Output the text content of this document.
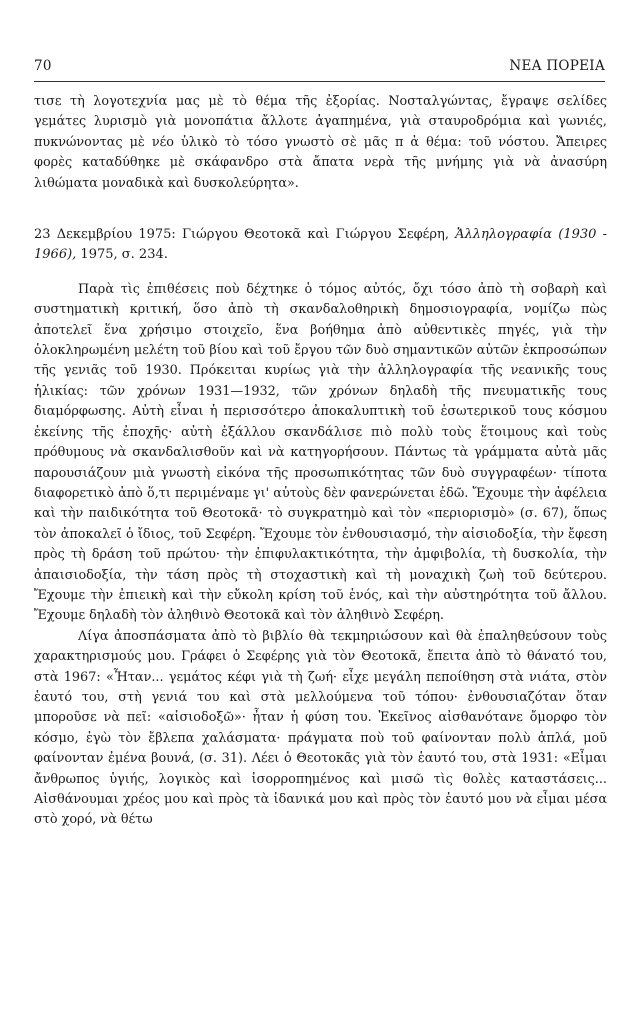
70	ΝΕΑ ΠΟΡΕΙΑ

τισε τὴ λογοτεχνία μας μὲ τὸ θέμα τῆς ἐξορίας. Νοσταλγώντας, ἔγραψε σελίδες γεμάτες λυρισμὸ γιὰ μονοπάτια ἄλλοτε ἀγαπημένα, γιὰ σταυροδρόμια καὶ γωνιές, πυκνώνοντας μὲ νέο ὑλικὸ τὸ τόσο γνωστὸ σὲ μᾶς π ἀ θέμα: τοῦ νόστου. Ἄπειρες φορὲς καταδύθηκε μὲ σκάφανδρο στὰ ἄπατα νερὰ τῆς μνήμης γιὰ νὰ ἀνασύρη λιθώματα μοναδικὰ καὶ δυσκολεύρητα».

23 Δεκεμβρίου 1975: Γιώργου Θεοτοκᾶ καὶ Γιώργου Σεφέρη, Ἀλληλογραφία (1930 - 1966), 1975, σ. 234.

Παρὰ τὶς ἐπιθέσεις ποὺ δέχτηκε ὁ τόμος αὐτός, ὄχι τόσο ἀπὸ τὴ σοβαρὴ καὶ συστηματικὴ κριτική, ὅσο ἀπὸ τὴ σκανδαλοθηρικὴ δημοσιογραφία, νομίζω πὼς ἀποτελεῖ ἕνα χρήσιμο στοιχεῖο, ἕνα βοήθημα ἀπὸ αὐθεντικὲς πηγές, γιὰ τὴν ὁλοκληρωμένη μελέτη τοῦ βίου καὶ τοῦ ἔργου τῶν δυὸ σημαντικῶν αὐτῶν ἐκπροσώπων τῆς γενιᾶς τοῦ 1930. Πρόκειται κυρίως γιὰ τὴν ἀλληλογραφία τῆς νεανικῆς τους ἡλικίας: τῶν χρόνων 1931—1932, τῶν χρόνων δηλαδὴ τῆς πνευματικῆς τους διαμόρφωσης. Αὐτὴ εἶναι ἡ περισσότερο ἀποκαλυπτικὴ τοῦ ἐσωτερικοῦ τους κόσμου ἐκείνης τῆς ἐποχῆς· αὐτὴ ἐξάλλου σκανδάλισε πιὸ πολὺ τοὺς ἕτοιμους καὶ τοὺς πρόθυμους νὰ σκανδαλισθοῦν καὶ νὰ κατηγορήσουν. Πάντως τὰ γράμματα αὐτὰ μᾶς παρουσιάζουν μιὰ γνωστὴ εἰκόνα τῆς προσωπικότητας τῶν δυὸ συγγραφέων· τίποτα διαφορετικὸ ἀπὸ ὅ,τι περιμέναμε γι' αὐτοὺς δὲν φανερώνεται ἐδῶ. Ἔχουμε τὴν ἀφέλεια καὶ τὴν παιδικότητα τοῦ Θεοτοκᾶ· τὸ συγκρατημὸ καὶ τὸν «περιορισμὸ» (σ. 67), ὅπως τὸν ἀποκαλεῖ ὁ ἴδιος, τοῦ Σεφέρη. Ἔχουμε τὸν ἐνθουσιασμό, τὴν αἰσιοδοξία, τὴν ἔφεση πρὸς τὴ δράση τοῦ πρώτου· τὴν ἐπιφυλακτικότητα, τὴν ἀμφιβολία, τὴ δυσκολία, τὴν ἀπαισιοδοξία, τὴν τάση πρὸς τὴ στοχαστικὴ καὶ τὴ μοναχικὴ ζωὴ τοῦ δεύτερου. Ἔχουμε τὴν ἐπιεικὴ καὶ τὴν εὔκολη κρίση τοῦ ἑνός, καὶ τὴν αὐστηρότητα τοῦ ἄλλου. Ἔχουμε δηλαδὴ τὸν ἀληθινὸ Θεοτοκᾶ καὶ τὸν ἀληθινὸ Σεφέρη.

Λίγα ἀποσπάσματα ἀπὸ τὸ βιβλίο θὰ τεκμηριώσουν καὶ θὰ ἐπαληθεύσουν τοὺς χαρακτηρισμούς μου. Γράφει ὁ Σεφέρης γιὰ τὸν Θεοτοκᾶ, ἔπειτα ἀπὸ τὸ θάνατό του, στὰ 1967: «Ἦταν... γεμάτος κέφι γιὰ τὴ ζωή· εἶχε μεγάλη πεποίθηση στὰ νιάτα, στὸν ἑαυτό του, στὴ γενιά του καὶ στὰ μελλούμενα τοῦ τόπου· ἐνθουσιαζόταν ὅταν μποροῦσε νὰ πεῖ: «αἰσιοδοξῶ»· ἦταν ἡ φύση του. Ἐκεῖνος αἰσθανότανε ὄμορφο τὸν κόσμο, ἐγὼ τὸν ἔβλεπα χαλάσματα· πράγματα ποὺ τοῦ φαίνονταν πολὺ ἁπλά, μοῦ φαίνονταν ἐμένα βουνά, (σ. 31). Λέει ὁ Θεοτοκᾶς γιὰ τὸν ἑαυτό του, στὰ 1931: «Εἶμαι ἄνθρωπος ὑγιής, λογικὸς καὶ ἰσορροπημένος καὶ μισῶ τὶς θολὲς καταστάσεις... Αἰσθάνουμαι χρέος μου καὶ πρὸς τὰ ἰδανικά μου καὶ πρὸς τὸν ἑαυτό μου νὰ εἶμαι μέσα στὸ χορό, νὰ θέτω
